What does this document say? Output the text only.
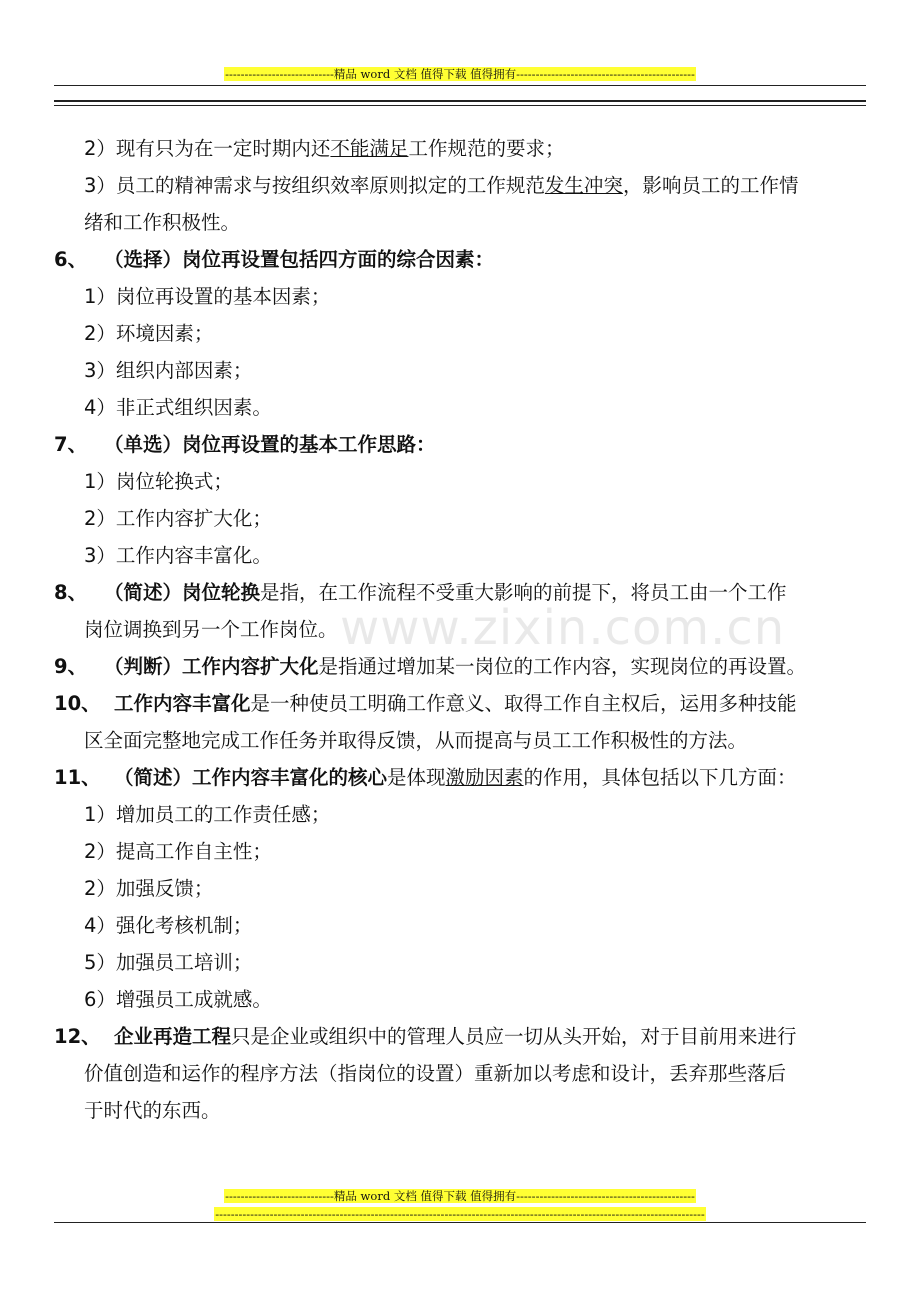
----------------------------精品 word 文档 值得下载 值得拥有----------------------------------------------
www.zixin.com.cn
2）现有只为在一定时期内还不能满足工作规范的要求；
3）员工的精神需求与按组织效率原则拟定的工作规范发生冲突，影响员工的工作情
绪和工作积极性。
6、 （选择）岗位再设置包括四方面的综合因素：
1）岗位再设置的基本因素；
2）环境因素；
3）组织内部因素；
4）非正式组织因素。
7、 （单选）岗位再设置的基本工作思路：
1）岗位轮换式；
2）工作内容扩大化；
3）工作内容丰富化。
8、 （简述）岗位轮换是指，在工作流程不受重大影响的前提下，将员工由一个工作
岗位调换到另一个工作岗位。
9、 （判断）工作内容扩大化是指通过增加某一岗位的工作内容，实现岗位的再设置。
10、 工作内容丰富化是一种使员工明确工作意义、取得工作自主权后，运用多种技能
区全面完整地完成工作任务并取得反馈，从而提高与员工工作积极性的方法。
11、 （简述）工作内容丰富化的核心是体现激励因素的作用，具体包括以下几方面：
1）增加员工的工作责任感；
2）提高工作自主性；
2）加强反馈；
4）强化考核机制；
5）加强员工培训；
6）增强员工成就感。
12、 企业再造工程只是企业或组织中的管理人员应一切从头开始，对于目前用来进行
价值创造和运作的程序方法（指岗位的设置）重新加以考虑和设计，丢弃那些落后
于时代的东西。
----------------------------精品 word 文档 值得下载 值得拥有----------------------------------------------
------------------------------------------------------------------------------------------------------------------------------
